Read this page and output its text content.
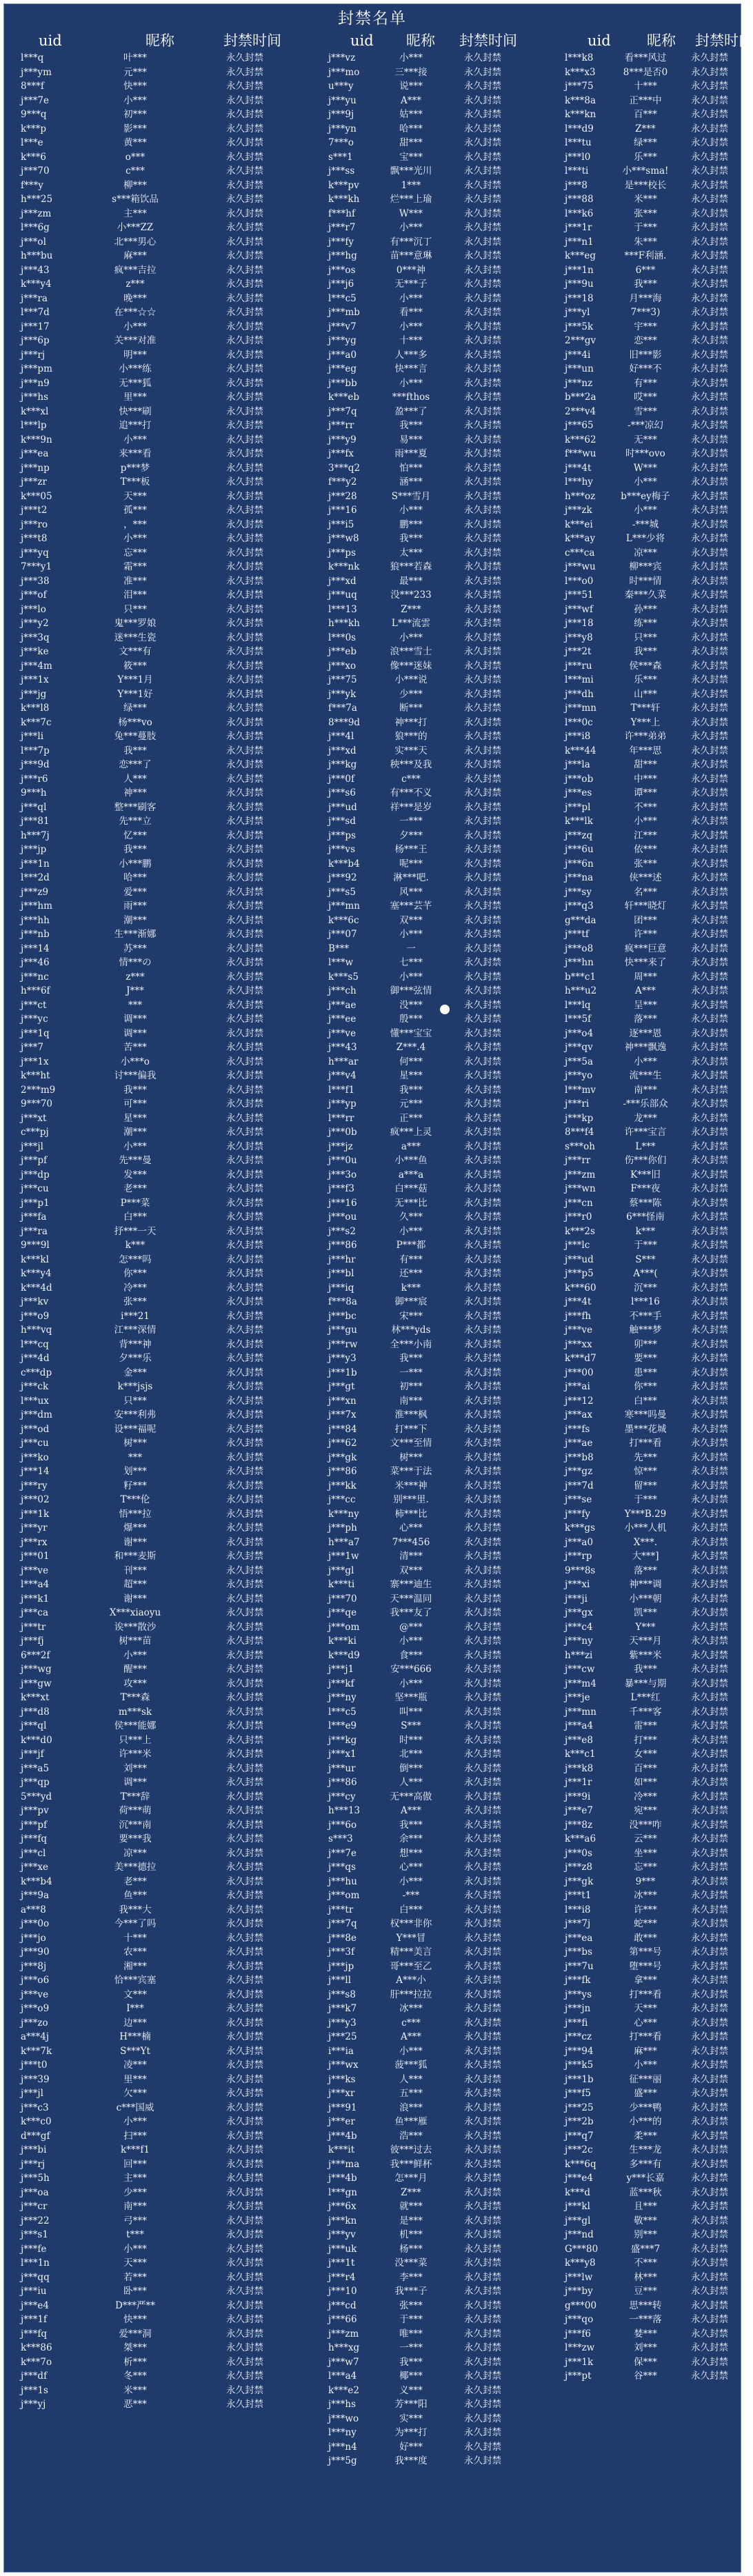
封禁名单
uid	昵称	封禁时间	uid 昵称 封禁时间	uid 昵称 封禁时间
l***q	叶***	永久封禁
j***ym	元***	永久封禁
8***f	快***	永久封禁
j***7e	小***	永久封禁
9***q	初***	永久封禁
k***p	影***	永久封禁
l***e	黄***	永久封禁
k***6	o***	永久封禁
j***70	c***	永久封禁
f***y	柳***	永久封禁
h***25	s***箱饮品	永久封禁
j***zm	主***	永久封禁
l***6g	小***ZZ	永久封禁
j***ol	北***男心	永久封禁
h***bu	麻***	永久封禁
j***43	疯***吉拉	永久封禁
k***y4	z***	永久封禁
j***ra	晚***	永久封禁
l***7d	在***☆☆	永久封禁
j***17	小***	永久封禁
j***6p	关***对准	永久封禁
j***rj	明***	永久封禁
j***pm	小***练	永久封禁
j***n9	无***狐	永久封禁
j***hs	里***	永久封禁
k***xl	快***刷	永久封禁
l***lp	追***打	永久封禁
k***9n	小***	永久封禁
j***ea	来***看	永久封禁
j***np	p***梦	永久封禁
j***zr	T***板	永久封禁
k***05	天***	永久封禁
j***t2	孤***	永久封禁
j***ro	，***	永久封禁
j***t8	小***	永久封禁
j***yq	忘***	永久封禁
7***y1	霜***	永久封禁
j***38	准***	永久封禁
j***of	泪***	永久封禁
j***lo	只***	永久封禁
j***y2	鬼***罗娘	永久封禁
j***3q	迷***生瓷	永久封禁
j***ke	文***有	永久封禁
j***4m	筱***	永久封禁
j***1x	Y***1月	永久封禁
j***jg	Y***1好	永久封禁
k***l8	绿***	永久封禁
k***7c	杨***vo	永久封禁
j***li	兔***蔓肢	永久封禁
l***7p	我***	永久封禁
j***9d	恋***了	永久封禁
j***r6	人***	永久封禁
9***h	神***	永久封禁
j***ql	整***刷客	永久封禁
j***81	先***立	永久封禁
h***7j	忆***	永久封禁
j***jp	我***	永久封禁
j***1n	小***鹏	永久封禁
l***2d	哈***	永久封禁
j***z9	爱***	永久封禁
j***hm	雨***	永久封禁
j***hh	潮***	永久封禁
j***nb	生***渐娜	永久封禁
j***14	苏***	永久封禁
j***46	情***の	永久封禁
j***nc	z***	永久封禁
h***6f	J***	永久封禁
j***ct	***	永久封禁
j***yc	调***	永久封禁
j***1q	调***	永久封禁
j***7	苦***	永久封禁
j***1x	小***o	永久封禁
k***ht	讨***偏我	永久封禁
2***m9	我***	永久封禁
9***70	可***	永久封禁
j***xt	星***	永久封禁
c***pj	潮***	永久封禁
j***jl	小***	永久封禁
j***pf	先***曼	永久封禁
j***dp	发***	永久封禁
j***cu	老***	永久封禁
j***p1	P***菜	永久封禁
j***fa	白***	永久封禁
j***ra	抒***一天	永久封禁
9***9l	k***	永久封禁
k***kl	怎***吗	永久封禁
k***y4	你***	永久封禁
k***4d	冷***	永久封禁
j***kv	张***	永久封禁
j***o9	i***21	永久封禁
h***vq	江***深情	永久封禁
l***cq	背***神	永久封禁
j***4d	夕***乐	永久封禁
c***dp	金***	永久封禁
j***ck	k***jsjs	永久封禁
l***ux	只***	永久封禁
j***dm	安***利弗	永久封禁
j***od	设***福呢	永久封禁
j***cu	树***	永久封禁
j***ko	***	永久封禁
j***14	划***	永久封禁
j***ry	籽***	永久封禁
j***02	T***伦	永久封禁
j***1k	悟***拉	永久封禁
j***yr	爆***	永久封禁
j***rx	谢***	永久封禁
j***01	和***麦斯	永久封禁
j***ve	刊***	永久封禁
l***a4	超***	永久封禁
j***k1	谢***	永久封禁
j***ca	X***xiaoyu	永久封禁
j***tr	诶***散沙	永久封禁
j***fj	树***苗	永久封禁
6***2f	小***	永久封禁
j***wg	醒***	永久封禁
j***gw	攻***	永久封禁
k***xt	T***森	永久封禁
j***d8	m***sk	永久封禁
j***ql	侯***能娜	永久封禁
k***d0	只***上	永久封禁
j***jf	许***米	永久封禁
j***a5	刘***	永久封禁
j***qp	调***	永久封禁
5***yd	T***辞	永久封禁
j***pv	荷***萌	永久封禁
j***pf	沉***南	永久封禁
j***fq	要***我	永久封禁
j***cl	凉***	永久封禁
j***xe	美***德拉	永久封禁
k***b4	老***	永久封禁
j***9a	鱼***	永久封禁
a***8	我***大	永久封禁
j***0o	今***了吗	永久封禁
j***jo	十***	永久封禁
j***90	农***	永久封禁
j***8j	湘***	永久封禁
j***o6	恰***宾塞	永久封禁
j***ve	文***	永久封禁
j***o9	I***	永久封禁
j***zo	边***	永久封禁
a***4j	H***楠	永久封禁
k***7k	S***Yt	永久封禁
j***t0	凌***	永久封禁
j***39	里***	永久封禁
j***jl	欠***	永久封禁
j***c3	c***国威	永久封禁
k***c0	小***	永久封禁
d***gf	扫***	永久封禁
j***bi	k***f1	永久封禁
j***rj	回***	永久封禁
j***5h	主***	永久封禁
j***oa	少***	永久封禁
j***cr	南***	永久封禁
j***22	弓***	永久封禁
j***s1	t***	永久封禁
j***fe	小***	永久封禁
l***1n	天***	永久封禁
j***qq	若***	永久封禁
j***iu	卧***	永久封禁
j***e4	D***严**	永久封禁
j***1f	快***	永久封禁
j***fq	爱***洞	永久封禁
k***86	桀***	永久封禁
k***7o	析***	永久封禁
j***df	冬***	永久封禁
j***1s	米***	永久封禁
j***yj	恶***	永久封禁
j***vz	小***	永久封禁
j***mo	三***接	永久封禁
u***y	说***	永久封禁
j***yu	A***	永久封禁
j***9j	姑***	永久封禁
j***yn	哈***	永久封禁
7***o	甜***	永久封禁
s***1	宝***	永久封禁
j***ss	飘***光川	永久封禁
k***pv	1***	永久封禁
k***kh	烂***上瑜	永久封禁
f***hf	W***	永久封禁
j***r7	小***	永久封禁
j***fy	有***沉丁	永久封禁
j***hg	苗***意琳	永久封禁
j***os	0***神	永久封禁
j***j6	无***子	永久封禁
l***c5	小***	永久封禁
j***mb	看***	永久封禁
j***v7	小***	永久封禁
j***yg	十***	永久封禁
j***a0	人***多	永久封禁
j***eg	快***言	永久封禁
j***bb	小***	永久封禁
k***eb	***fthos	永久封禁
j***7q	盈***了	永久封禁
j***rr	我***	永久封禁
j***y9	易***	永久封禁
j***fx	雨***夏	永久封禁
3***q2	怕***	永久封禁
f***y2	涵***	永久封禁
j***28	S***雪月	永久封禁
j***16	小***	永久封禁
j***i5	鹏***	永久封禁
j***w8	我***	永久封禁
j***ps	太***	永久封禁
k***nk	狼***若森	永久封禁
j***xd	最***	永久封禁
j***uq	没***233	永久封禁
l***13	Z***	永久封禁
h***kh	L***流雲	永久封禁
l***0s	小***	永久封禁
j***eb	浪***雪士	永久封禁
j***xo	像***迷妹	永久封禁
j***75	小***说	永久封禁
j***yk	少***	永久封禁
f***7a	断***	永久封禁
8***9d	神***打	永久封禁
j***4l	狼***的	永久封禁
j***xd	实***天	永久封禁
j***kg	秧***及我	永久封禁
j***0f	c***	永久封禁
j***s6	有***不义	永久封禁
j***ud	祥***是岁	永久封禁
j***sd	一***	永久封禁
j***ps	夕***	永久封禁
j***vs	杨***王	永久封禁
k***b4	呢***	永久封禁
j***92	淋***吧.	永久封禁
j***s5	风***	永久封禁
j***mn	塞***芸芊	永久封禁
k***6c	双***	永久封禁
j***07	小***	永久封禁
B***	一	永久封禁
l***w	七***	永久封禁
k***s5	小***	永久封禁
j***ch	御***弦情	永久封禁
j***ae	没***	永久封禁
j***ee	殷***	永久封禁
j***ve	懂***宝宝	永久封禁
j***43	Z***.4	永久封禁
h***ar	何***	永久封禁
j***v4	星***	永久封禁
l***f1	我***	永久封禁
j***yp	元***	永久封禁
l***rr	正***	永久封禁
j***0b	疯***上灵	永久封禁
j***jz	a***	永久封禁
j***0u	小***鱼	永久封禁
j***3o	a***a	永久封禁
j***f3	白***菇	永久封禁
j***16	无***比	永久封禁
j***ou	久***	永久封禁
j***s2	小***	永久封禁
j***86	P***都	永久封禁
j***hr	有***	永久封禁
j***bl	还***	永久封禁
j***iq	k***	永久封禁
f***8a	御***宸	永久封禁
j***bc	宋***	永久封禁
j***gu	林***yds	永久封禁
j***rw	全***小南	永久封禁
j***y3	我***	永久封禁
j***1b	一***	永久封禁
j***gt	初***	永久封禁
j***xn	南***	永久封禁
j***7x	淮***枫	永久封禁
j***84	打***下	永久封禁
j***62	文***至情	永久封禁
j***gk	树***	永久封禁
j***86	菜***于法	永久封禁
j***kk	米***神	永久封禁
j***cc	别***里.	永久封禁
k***ny	柿***比	永久封禁
j***ph	心***	永久封禁
h***a7	7***456	永久封禁
j***1w	清***	永久封禁
j***gl	双***	永久封禁
k***ti	寨***迪生	永久封禁
j***70	天***温同	永久封禁
j***qe	我***友了	永久封禁
j***om	@***	永久封禁
k***ki	小***	永久封禁
k***d9	食***	永久封禁
j***j1	安***666	永久封禁
j***kf	小***	永久封禁
j***ny	坚***瓶	永久封禁
l***c5	叫***	永久封禁
l***e9	S***	永久封禁
j***kg	时***	永久封禁
j***x1	北***	永久封禁
j***ur	倒***	永久封禁
j***86	人***	永久封禁
j***cy	无***高傲	永久封禁
h***13	A***	永久封禁
j***6o	我***	永久封禁
s***3	余***	永久封禁
j***7e	想***	永久封禁
j***qs	心***	永久封禁
j***hu	小***	永久封禁
j***om	-***	永久封禁
j***tr	白***	永久封禁
j***7q	权***非你	永久封禁
j***8e	Y***冒	永久封禁
j***3f	精***美言	永久封禁
j***jp	哥***至乙	永久封禁
j***ll	A***小	永久封禁
j***s8	肝***拉拉	永久封禁
j***k7	冰***	永久封禁
j***y3	c***	永久封禁
j***25	A***	永久封禁
i***ia	小***	永久封禁
j***wx	菠***狐	永久封禁
j***ks	人***	永久封禁
j***xr	五***	永久封禁
j***91	浪***	永久封禁
j***er	鱼***雁	永久封禁
j***4b	浩***	永久封禁
k***it	彼***过去	永久封禁
j***ma	我***鲜杯	永久封禁
j***4b	怎***月	永久封禁
l***gn	Z***	永久封禁
j***6x	就***	永久封禁
j***kn	是***	永久封禁
j***yv	机***	永久封禁
j***uk	杨***	永久封禁
j***1t	没***菜	永久封禁
j***r4	李***	永久封禁
j***10	我***子	永久封禁
j***cd	张***	永久封禁
j***66	于***	永久封禁
j***zm	唯***	永久封禁
h***xg	一***	永久封禁
j***w7	我***	永久封禁
l***a4	椰***	永久封禁
k***e2	义***	永久封禁
j***hs	芳***阳	永久封禁
j***wo	实***	永久封禁
l***ny	为***打	永久封禁
j***n4	好***	永久封禁
j***5g	我***度	永久封禁
l***k8	看***风过	永久封禁
k***x3	8***是否0	永久封禁
j***75	十***	永久封禁
k***8a	正***中	永久封禁
k***kn	百***	永久封禁
l***d9	Z***	永久封禁
l***tu	绿***	永久封禁
j***l0	乐***	永久封禁
l***ti	小***sma!	永久封禁
j***8	是***校长	永久封禁
j***88	米***	永久封禁
l***k6	张***	永久封禁
j***1r	于***	永久封禁
j***n1	朱***	永久封禁
k***eg	***F利涵.	永久封禁
j***1n	6***	永久封禁
j***9u	我***	永久封禁
j***18	月***海	永久封禁
j***yl	7***3)	永久封禁
j***5k	宇***	永久封禁
2***gv	恋***	永久封禁
j***4i	旧***影	永久封禁
j***un	好***不	永久封禁
j***nz	有***	永久封禁
b***2a	哎***	永久封禁
2***v4	雪***	永久封禁
j***65	-***凉幻	永久封禁
k***62	无***	永久封禁
f***wu	时***ovo	永久封禁
j***4t	W***	永久封禁
l***hy	小***	永久封禁
h***oz	b***ey梅子	永久封禁
j***zk	小***	永久封禁
k***ei	-***城	永久封禁
k***ay	L***少将	永久封禁
c***ca	凉***	永久封禁
j***wu	柳***宾	永久封禁
l***o0	时***情	永久封禁
j***51	秦***久菜	永久封禁
j***wf	孙***	永久封禁
j***18	练***	永久封禁
j***y8	只***	永久封禁
j***2t	我***	永久封禁
j***ru	侯***森	永久封禁
l***mi	乐***	永久封禁
j***dh	山***	永久封禁
j***mn	T***轩	永久封禁
l***0c	Y***上	永久封禁
j***i8	许***弟弟	永久封禁
k***44	年***思	永久封禁
j***la	甜***	永久封禁
j***ob	中***	永久封禁
j***es	谭***	永久封禁
j***pl	不***	永久封禁
k***lk	小***	永久封禁
j***zq	江***	永久封禁
j***6u	依***	永久封禁
j***6n	张***	永久封禁
j***na	侠***述	永久封禁
j***sy	名***	永久封禁
j***q3	轩***晓灯	永久封禁
g***da	团***	永久封禁
j***tf	许***	永久封禁
j***o8	疯***巨意	永久封禁
j***hn	快***来了	永久封禁
b***c1	周***	永久封禁
h***u2	A***	永久封禁
l***lq	呈***	永久封禁
l***5f	落***	永久封禁
j***o4	逐***恩	永久封禁
j***qv	神***飘逸	永久封禁
j***5a	小***	永久封禁
j***yo	流***生	永久封禁
l***mv	南***	永久封禁
j***ri	-***乐部众	永久封禁
j***kp	龙***	永久封禁
8***f4	许***宝言	永久封禁
s***oh	L***	永久封禁
j***rr	伤***你们	永久封禁
j***zm	K***旧	永久封禁
j***wn	F***夜	永久封禁
j***cn	蔡***陈	永久封禁
j***r0	6***怪南	永久封禁
k***2s	k***	永久封禁
j***lc	于***	永久封禁
j***ud	S***	永久封禁
j***p5	A***(	永久封禁
k***60	沉***	永久封禁
j***4t	l***16	永久封禁
j***fh	不***手	永久封禁
j***ve	触***梦	永久封禁
j***xx	卯***	永久封禁
k***d7	要***	永久封禁
j***00	患***	永久封禁
j***ai	你***	永久封禁
j***12	白***	永久封禁
j***ax	寒***吗曼	永久封禁
j***fs	墨***花城	永久封禁
j***ae	打***看	永久封禁
j***b8	先***	永久封禁
j***gz	惊***	永久封禁
j***7d	留***	永久封禁
j***se	于***	永久封禁
j***fy	Y***B.29	永久封禁
k***gs	小***人机	永久封禁
j***a0	X***.	永久封禁
j***rp	大***]	永久封禁
9***8s	落***	永久封禁
j***xi	神***调	永久封禁
j***ji	小***朝	永久封禁
j***gx	凯***	永久封禁
j***c4	Y***	永久封禁
j***ny	天***月	永久封禁
h***zi	紫***米	永久封禁
j***cw	我***	永久封禁
j***m4	暴***与期	永久封禁
j***je	L***红	永久封禁
j***mn	千***客	永久封禁
j***a4	雷***	永久封禁
j***e8	打***	永久封禁
k***c1	女***	永久封禁
j***k8	百***	永久封禁
j***1r	如***	永久封禁
j***9i	冷***	永久封禁
j***e7	宛***	永久封禁
j***8z	没***咋	永久封禁
k***a6	云***	永久封禁
j***0s	坐***	永久封禁
j***z8	忘***	永久封禁
j***gk	9***	永久封禁
j***t1	冰***	永久封禁
l***i8	许***	永久封禁
j***7j	蛇***	永久封禁
j***ea	敢***	永久封禁
j***bs	第***号	永久封禁
j***7u	堕***号	永久封禁
j***fk	拿***	永久封禁
j***ys	打***看	永久封禁
j***jn	天***	永久封禁
j***fi	心***	永久封禁
j***cz	打***看	永久封禁
j***94	麻***	永久封禁
j***k5	小***	永久封禁
j***1b	征***丽	永久封禁
j***f5	盛***	永久封禁
j***25	少***鸭	永久封禁
j***2b	小***的	永久封禁
j***q7	柔***	永久封禁
j***2c	生***龙	永久封禁
k***6q	多***有	永久封禁
j***e4	y***长嘉	永久封禁
k***d	蓝***秋	永久封禁
j***kl	且***	永久封禁
j***gl	敬***	永久封禁
j***nd	别***	永久封禁
G***80	盛***7	永久封禁
k***y8	不***	永久封禁
j***lw	林***	永久封禁
j***by	豆***	永久封禁
g***00	思***转	永久封禁
j***qo	一***落	永久封禁
j***f6	婪***	永久封禁
l***zw	刘***	永久封禁
j***1k	保***	永久封禁
j***pt	谷***	永久封禁
